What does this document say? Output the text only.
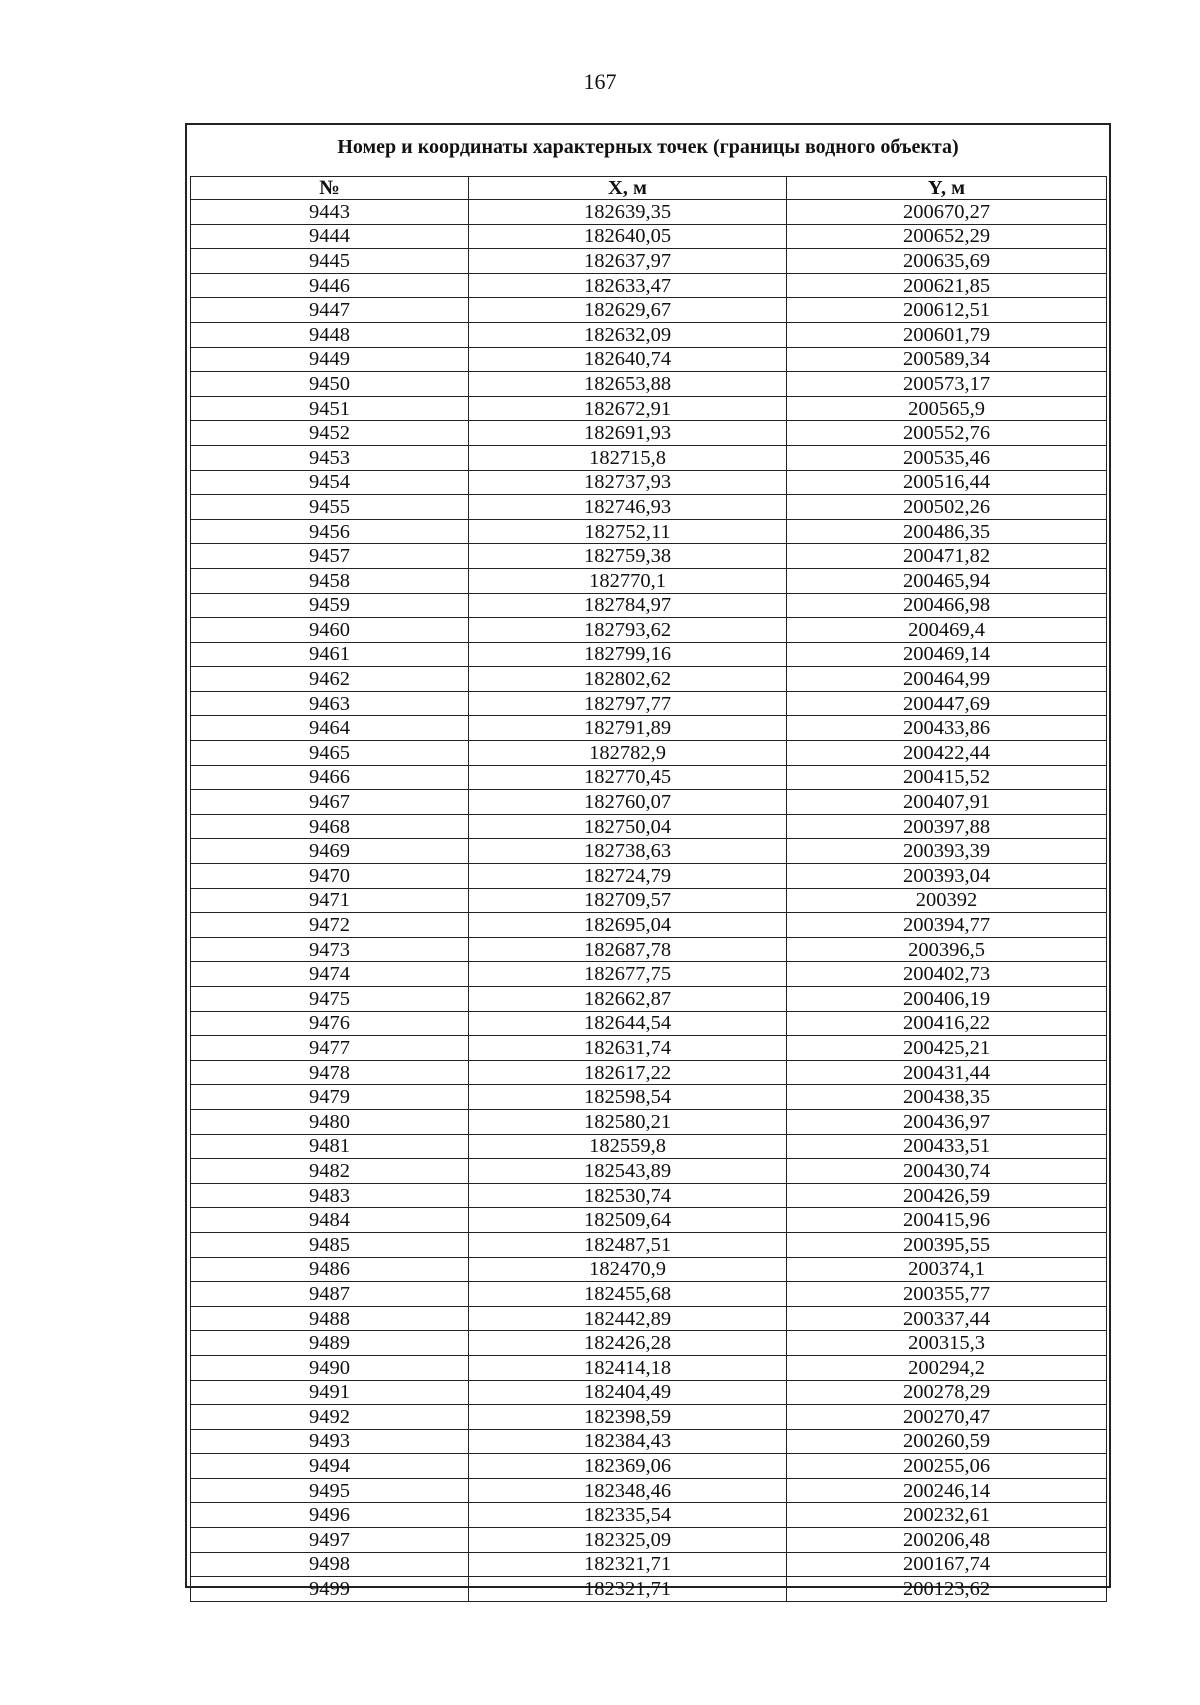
167
Номер и координаты характерных точек (границы водного объекта)
№	X, м	Y, м
9443	182639,35	200670,27
9444	182640,05	200652,29
9445	182637,97	200635,69
9446	182633,47	200621,85
9447	182629,67	200612,51
9448	182632,09	200601,79
9449	182640,74	200589,34
9450	182653,88	200573,17
9451	182672,91	200565,9
9452	182691,93	200552,76
9453	182715,8	200535,46
9454	182737,93	200516,44
9455	182746,93	200502,26
9456	182752,11	200486,35
9457	182759,38	200471,82
9458	182770,1	200465,94
9459	182784,97	200466,98
9460	182793,62	200469,4
9461	182799,16	200469,14
9462	182802,62	200464,99
9463	182797,77	200447,69
9464	182791,89	200433,86
9465	182782,9	200422,44
9466	182770,45	200415,52
9467	182760,07	200407,91
9468	182750,04	200397,88
9469	182738,63	200393,39
9470	182724,79	200393,04
9471	182709,57	200392
9472	182695,04	200394,77
9473	182687,78	200396,5
9474	182677,75	200402,73
9475	182662,87	200406,19
9476	182644,54	200416,22
9477	182631,74	200425,21
9478	182617,22	200431,44
9479	182598,54	200438,35
9480	182580,21	200436,97
9481	182559,8	200433,51
9482	182543,89	200430,74
9483	182530,74	200426,59
9484	182509,64	200415,96
9485	182487,51	200395,55
9486	182470,9	200374,1
9487	182455,68	200355,77
9488	182442,89	200337,44
9489	182426,28	200315,3
9490	182414,18	200294,2
9491	182404,49	200278,29
9492	182398,59	200270,47
9493	182384,43	200260,59
9494	182369,06	200255,06
9495	182348,46	200246,14
9496	182335,54	200232,61
9497	182325,09	200206,48
9498	182321,71	200167,74
9499	182321,71	200123,62
